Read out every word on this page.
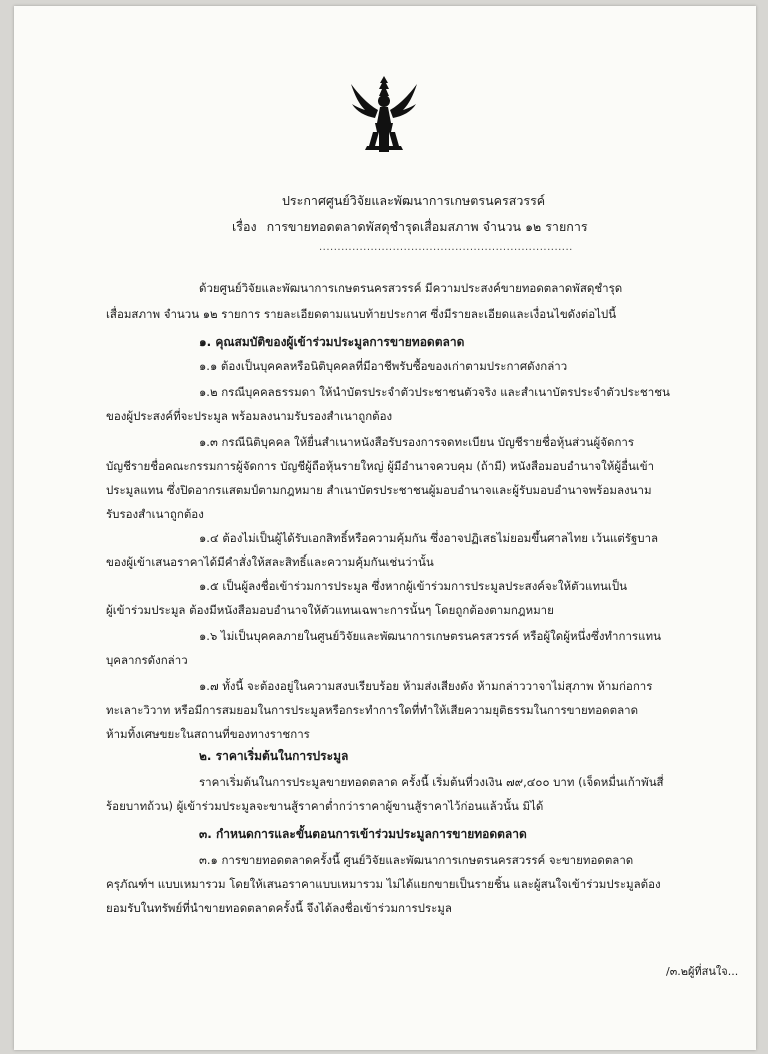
ประกาศศูนย์วิจัยและพัฒนาการเกษตรนครสวรรค์
เรื่อง การขายทอดตลาดพัสดุชำรุดเสื่อมสภาพ จำนวน ๑๒ รายการ
.....................................................................
ด้วยศูนย์วิจัยและพัฒนาการเกษตรนครสวรรค์ มีความประสงค์ขายทอดตลาดพัสดุชำรุด
เสื่อมสภาพ จำนวน ๑๒ รายการ รายละเอียดตามแนบท้ายประกาศ ซึ่งมีรายละเอียดและเงื่อนไขดังต่อไปนี้
๑. คุณสมบัติของผู้เข้าร่วมประมูลการขายทอดตลาด
๑.๑ ต้องเป็นบุคคลหรือนิติบุคคลที่มีอาชีพรับซื้อของเก่าตามประกาศดังกล่าว
๑.๒ กรณีบุคคลธรรมดา ให้นำบัตรประจำตัวประชาชนตัวจริง และสำเนาบัตรประจำตัวประชาชน
ของผู้ประสงค์ที่จะประมูล พร้อมลงนามรับรองสำเนาถูกต้อง
๑.๓ กรณีนิติบุคคล ให้ยื่นสำเนาหนังสือรับรองการจดทะเบียน บัญชีรายชื่อหุ้นส่วนผู้จัดการ
บัญชีรายชื่อคณะกรรมการผู้จัดการ บัญชีผู้ถือหุ้นรายใหญ่ ผู้มีอำนาจควบคุม (ถ้ามี) หนังสือมอบอำนาจให้ผู้อื่นเข้า
ประมูลแทน ซึ่งปิดอากรแสตมป์ตามกฎหมาย สำเนาบัตรประชาชนผู้มอบอำนาจและผู้รับมอบอำนาจพร้อมลงนาม
รับรองสำเนาถูกต้อง
๑.๔ ต้องไม่เป็นผู้ได้รับเอกสิทธิ์หรือความคุ้มกัน ซึ่งอาจปฏิเสธไม่ยอมขึ้นศาลไทย เว้นแต่รัฐบาล
ของผู้เข้าเสนอราคาได้มีคำสั่งให้สละสิทธิ์และความคุ้มกันเช่นว่านั้น
๑.๕ เป็นผู้ลงชื่อเข้าร่วมการประมูล ซึ่งหากผู้เข้าร่วมการประมูลประสงค์จะให้ตัวแทนเป็น
ผู้เข้าร่วมประมูล ต้องมีหนังสือมอบอำนาจให้ตัวแทนเฉพาะการนั้นๆ โดยถูกต้องตามกฎหมาย
๑.๖ ไม่เป็นบุคคลภายในศูนย์วิจัยและพัฒนาการเกษตรนครสวรรค์ หรือผู้ใดผู้หนึ่งซึ่งทำการแทน
บุคลากรดังกล่าว
๑.๗ ทั้งนี้ จะต้องอยู่ในความสงบเรียบร้อย ห้ามส่งเสียงดัง ห้ามกล่าววาจาไม่สุภาพ ห้ามก่อการ
ทะเลาะวิวาท หรือมีการสมยอมในการประมูลหรือกระทำการใดที่ทำให้เสียความยุติธรรมในการขายทอดตลาด
ห้ามทิ้งเศษขยะในสถานที่ของทางราชการ
๒. ราคาเริ่มต้นในการประมูล
ราคาเริ่มต้นในการประมูลขายทอดตลาด ครั้งนี้ เริ่มต้นที่วงเงิน ๗๙,๔๐๐ บาท (เจ็ดหมื่นเก้าพันสี่
ร้อยบาทถ้วน) ผู้เข้าร่วมประมูลจะขานสู้ราคาต่ำกว่าราคาผู้ขานสู้ราคาไว้ก่อนแล้วนั้น มิได้
๓. กำหนดการและขั้นตอนการเข้าร่วมประมูลการขายทอดตลาด
๓.๑ การขายทอดตลาดครั้งนี้ ศูนย์วิจัยและพัฒนาการเกษตรนครสวรรค์ จะขายทอดตลาด
ครุภัณฑ์ฯ แบบเหมารวม โดยให้เสนอราคาแบบเหมารวม ไม่ได้แยกขายเป็นรายชิ้น และผู้สนใจเข้าร่วมประมูลต้อง
ยอมรับในทรัพย์ที่นำขายทอดตลาดครั้งนี้ จึงได้ลงชื่อเข้าร่วมการประมูล
/๓.๒ผู้ที่สนใจ...
